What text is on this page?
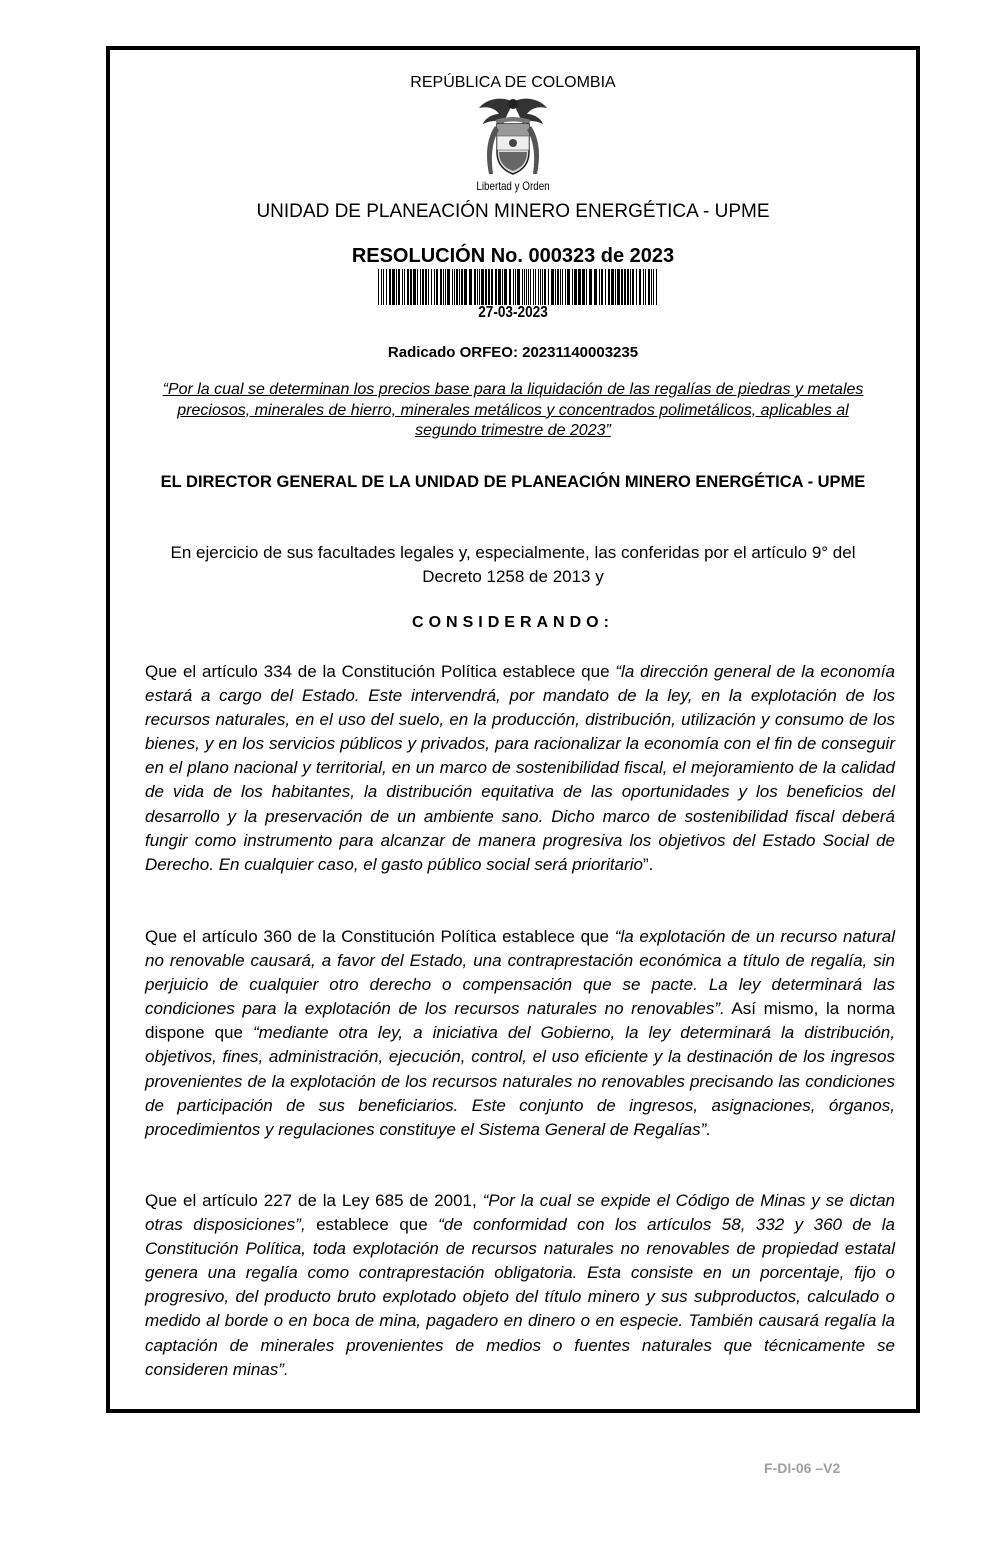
REPÚBLICA DE COLOMBIA
Libertad y Orden
UNIDAD DE PLANEACIÓN MINERO ENERGÉTICA - UPME
RESOLUCIÓN No. 000323 de 2023
27-03-2023
Radicado ORFEO: 20231140003235
“Por la cual se determinan los precios base para la liquidación de las regalías de piedras y metales preciosos, minerales de hierro, minerales metálicos y concentrados polimetálicos, aplicables al segundo trimestre de 2023”
EL DIRECTOR GENERAL DE LA UNIDAD DE PLANEACIÓN MINERO ENERGÉTICA - UPME
En ejercicio de sus facultades legales y, especialmente, las conferidas por el artículo 9° del Decreto 1258 de 2013 y
CONSIDERANDO:
Que el artículo 334 de la Constitución Política establece que “la dirección general de la economía estará a cargo del Estado. Este intervendrá, por mandato de la ley, en la explotación de los recursos naturales, en el uso del suelo, en la producción, distribución, utilización y consumo de los bienes, y en los servicios públicos y privados, para racionalizar la economía con el fin de conseguir en el plano nacional y territorial, en un marco de sostenibilidad fiscal, el mejoramiento de la calidad de vida de los habitantes, la distribución equitativa de las oportunidades y los beneficios del desarrollo y la preservación de un ambiente sano. Dicho marco de sostenibilidad fiscal deberá fungir como instrumento para alcanzar de manera progresiva los objetivos del Estado Social de Derecho. En cualquier caso, el gasto público social será prioritario”.
Que el artículo 360 de la Constitución Política establece que “la explotación de un recurso natural no renovable causará, a favor del Estado, una contraprestación económica a título de regalía, sin perjuicio de cualquier otro derecho o compensación que se pacte. La ley determinará las condiciones para la explotación de los recursos naturales no renovables”. Así mismo, la norma dispone que “mediante otra ley, a iniciativa del Gobierno, la ley determinará la distribución, objetivos, fines, administración, ejecución, control, el uso eficiente y la destinación de los ingresos provenientes de la explotación de los recursos naturales no renovables precisando las condiciones de participación de sus beneficiarios. Este conjunto de ingresos, asignaciones, órganos, procedimientos y regulaciones constituye el Sistema General de Regalías”.
Que el artículo 227 de la Ley 685 de 2001, “Por la cual se expide el Código de Minas y se dictan otras disposiciones”, establece que “de conformidad con los artículos 58, 332 y 360 de la Constitución Política, toda explotación de recursos naturales no renovables de propiedad estatal genera una regalía como contraprestación obligatoria. Esta consiste en un porcentaje, fijo o progresivo, del producto bruto explotado objeto del título minero y sus subproductos, calculado o medido al borde o en boca de mina, pagadero en dinero o en especie. También causará regalía la captación de minerales provenientes de medios o fuentes naturales que técnicamente se consideren minas”.
F-DI-06 –V2
